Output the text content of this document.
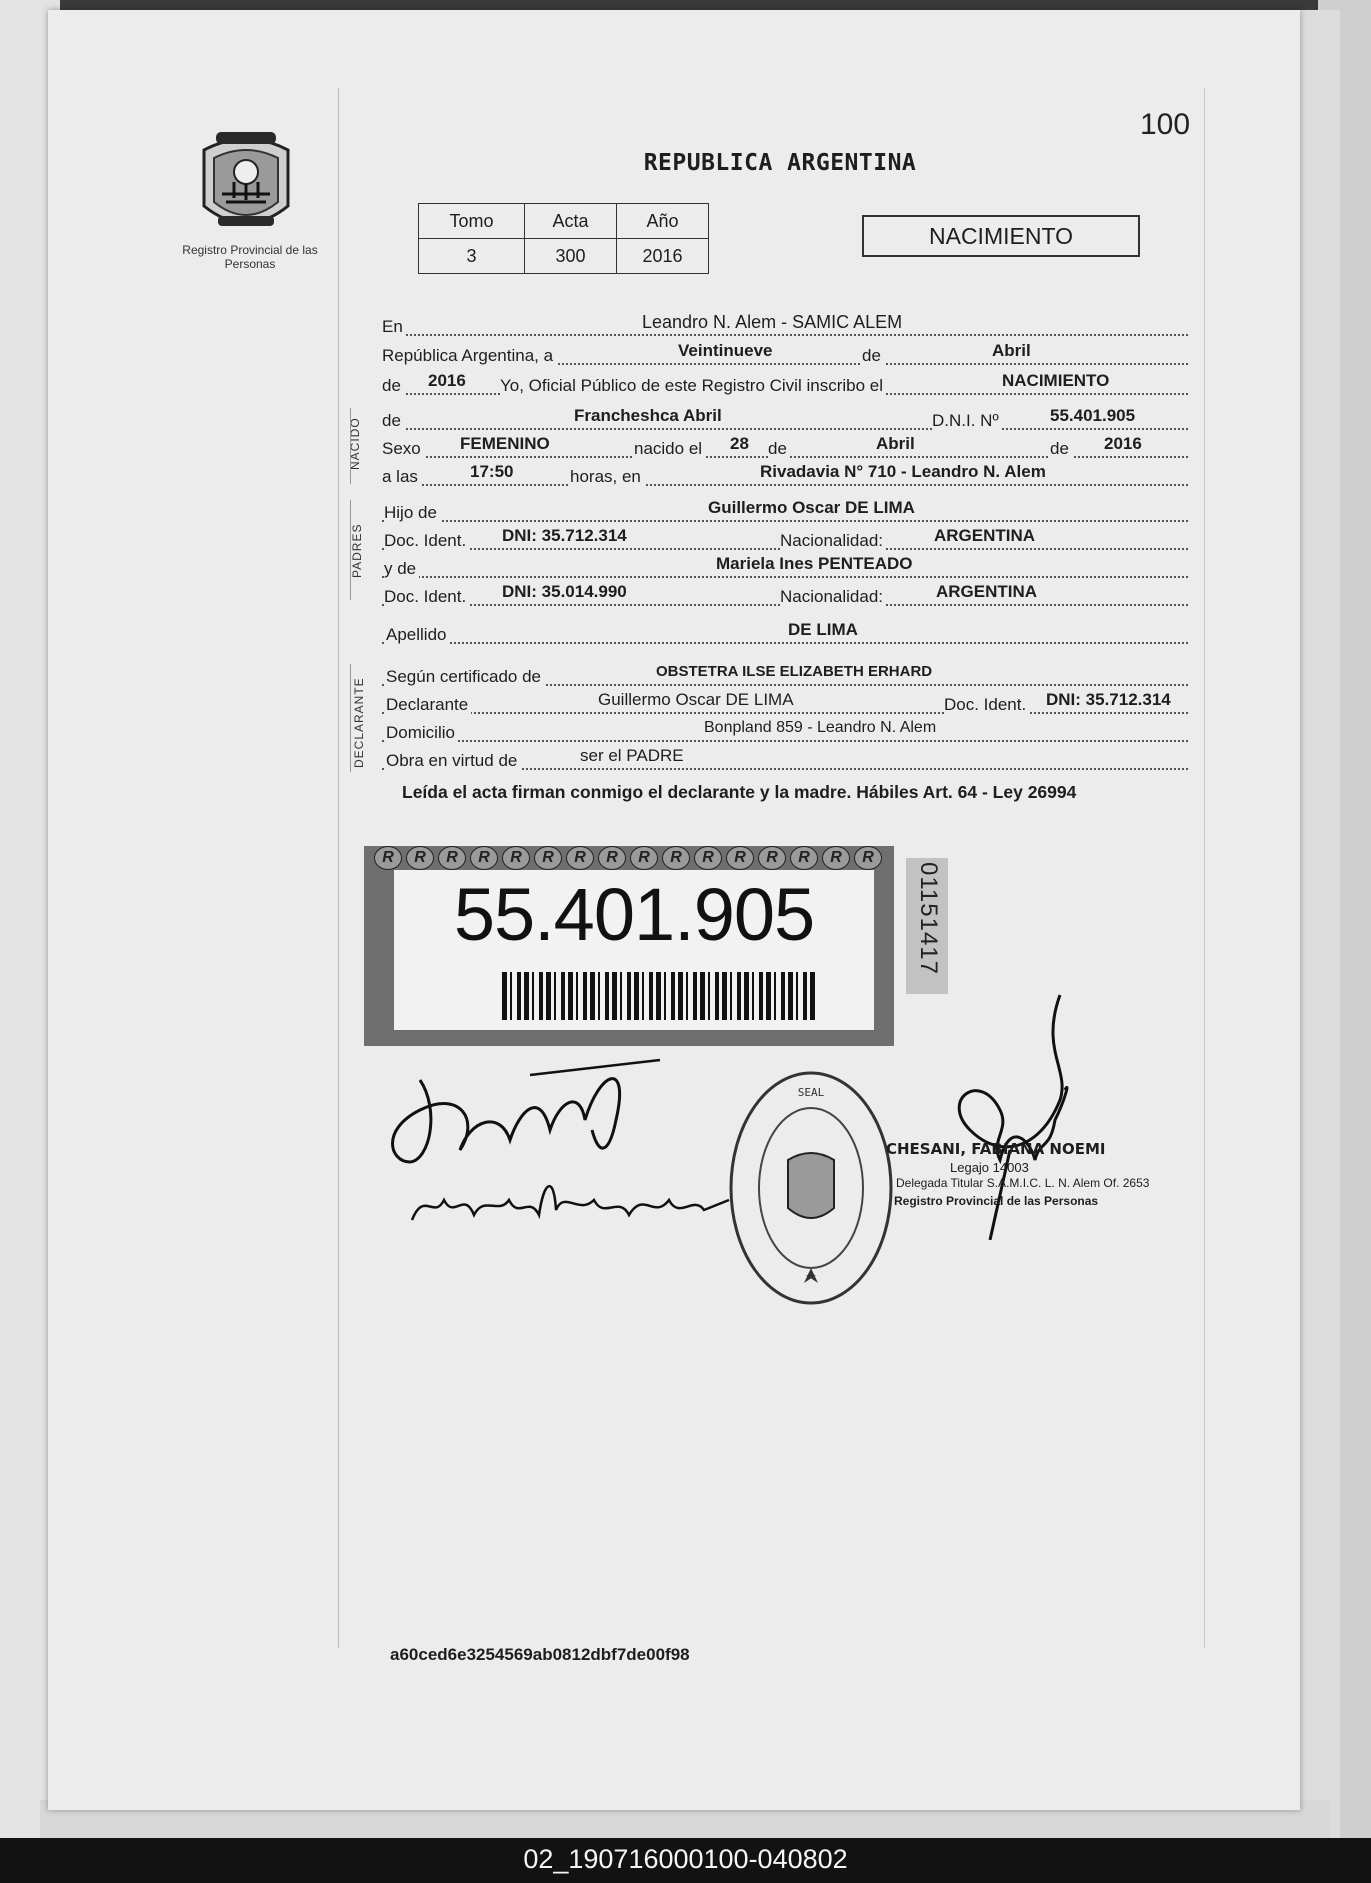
Registro Provincial de las Personas
100
REPUBLICA ARGENTINA
Tomo	Acta	Año
3	300	2016
NACIMIENTO
NACIDO
PADRES
DECLARANTE
En	Leandro N. Alem - SAMIC ALEM
República Argentina, a	Veintinueve	de	Abril
de 2016 Yo, Oficial Público de este Registro Civil inscribo el	NACIMIENTO
de	Francheshca Abril	D.N.I. Nº	55.401.905
Sexo FEMENINO	nacido el 28 de	Abril	de 2016
a las	17:50	horas, en	Rivadavia N° 710 - Leandro N. Alem
Hijo de	Guillermo Oscar DE LIMA
Doc. Ident. DNI: 35.712.314	Nacionalidad:	ARGENTINA
y de	Mariela Ines PENTEADO
Doc. Ident. DNI: 35.014.990	Nacionalidad:	ARGENTINA
Apellido	DE LIMA
Según certificado de	OBSTETRA ILSE ELIZABETH ERHARD
Declarante	Guillermo Oscar DE LIMA	Doc. Ident. DNI: 35.712.314
Domicilio	Bonpland 859 - Leandro N. Alem
Obra en virtud de	ser el PADRE
Leída el acta firman conmigo el declarante y la madre. Hábiles Art. 64 - Ley 26994
R	R	R	R	R	R	R	R	R	R	R	R	R	R	R	R
55.401.905	01151417
SEAL
CHESANI, FABIANA NOEMI
Legajo 14003
Delegada Titular S.A.M.I.C. L. N. Alem Of. 2653
Registro Provincial de las Personas
a60ced6e3254569ab0812dbf7de00f98
02_190716000100-040802
